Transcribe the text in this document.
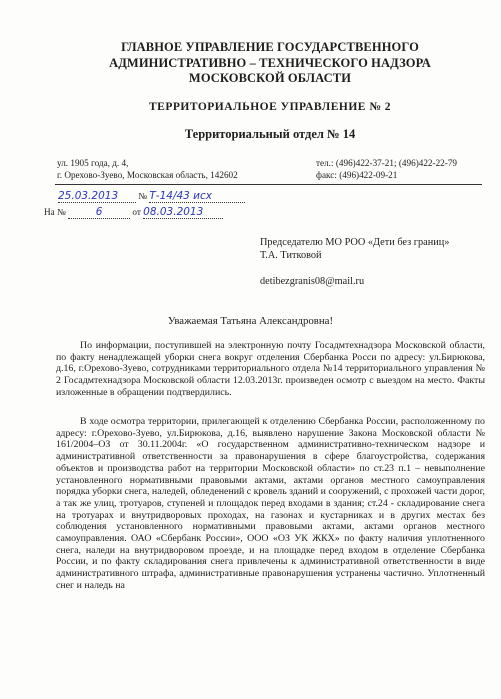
ГЛАВНОЕ УПРАВЛЕНИЕ ГОСУДАРСТВЕННОГО
АДМИНИСТРАТИВНО – ТЕХНИЧЕСКОГО НАДЗОРА
МОСКОВСКОЙ ОБЛАСТИ
ТЕРРИТОРИАЛЬНОЕ УПРАВЛЕНИЕ № 2
Территориальный отдел № 14
ул. 1905 года, д. 4,
г. Орехово-Зуево, Московская область, 142602
тел.: (496)422-37-21; (496)422-22-79
факс: (496)422-09-21
25.03.2013 № Т-14/43 исх
На №	6	от 08.03.2013
Председателю МО РОО «Дети без границ»
Т.А. Титковой
detibezgranis08@mail.ru
Уважаемая Татьяна Александровна!
По информации, поступившей на электронную почту Госадмтехнадзора Московской области, по факту ненадлежащей уборки снега вокруг отделения Сбербанка Росси по адресу: ул.Бирюкова, д.16, г.Орехово-Зуево, сотрудниками территориального отдела №14 территориального управления № 2 Госадмтехнадзора Московской области 12.03.2013г. произведен осмотр с выездом на место. Факты изложенные в обращении подтвердились.
В ходе осмотра территории, прилегающей к отделению Сбербанка России, расположенному по адресу: г.Орехово-Зуево, ул.Бирюкова, д.16, выявлено нарушение Закона Московской области № 161/2004–ОЗ от 30.11.2004г. «О государственном административно-техническом надзоре и административной ответственности за правонарушения в сфере благоустройства, содержания объектов и производства работ на территории Московской области» по ст.23 п.1 – невыполнение установленного нормативными правовыми актами, актами органов местного самоуправления порядка уборки снега, наледей, обледенений с кровель зданий и сооружений, с прохожей части дорог, а так же улиц, тротуаров, ступеней и площадок перед входами в здания; ст.24 - складирование снега на тротуарах и внутридворовых проходах, на газонах и кустарниках и в других местах без соблюдения установленного нормативными правовыми актами, актами органов местного самоуправления. ОАО «Сбербанк России», ООО «ОЗ УК ЖКХ» по факту наличия уплотненного снега, наледи на внутридворовом проезде, и на площадке перед входом в отделение Сбербанка России, и по факту складирования снега привлечены к административной ответственности в виде административного штрафа, административные правонарушения устранены частично. Уплотненный снег и наледь на
